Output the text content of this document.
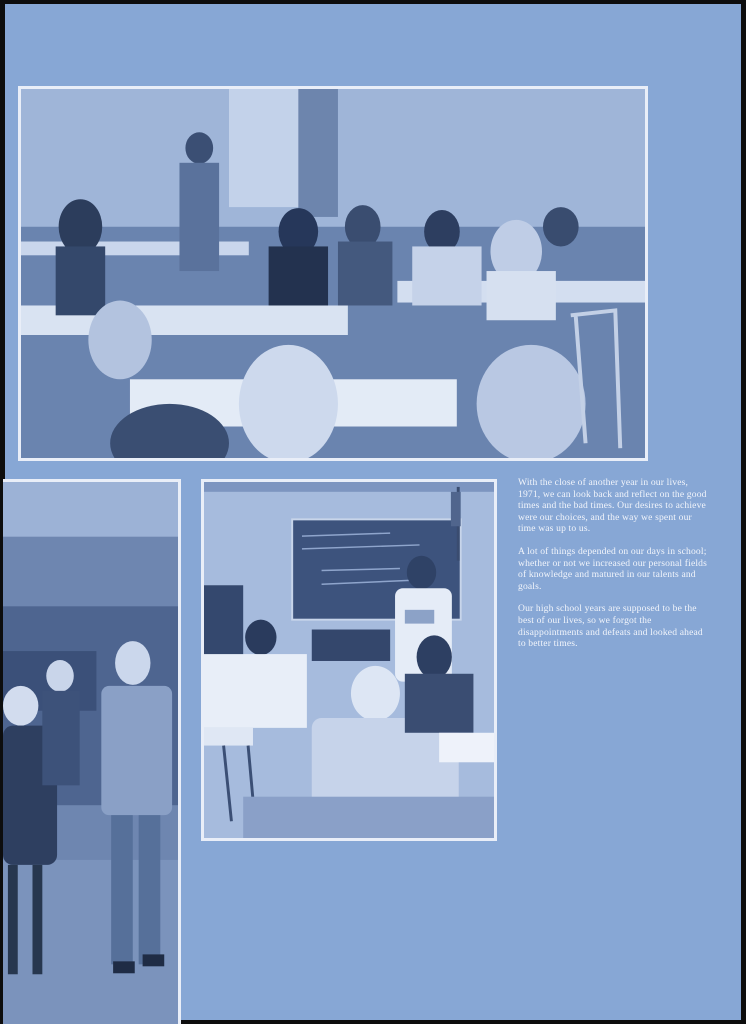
With the close of another year in our lives, 1971, we can look back and reflect on the good times and the bad times. Our desires to achieve were our choices, and the way we spent our time was up to us.

A lot of things depended on our days in school; whether or not we increased our personal fields of knowledge and matured in our talents and goals.

Our high school years are supposed to be the best of our lives, so we forgot the disappointments and defeats and looked ahead to better times.
